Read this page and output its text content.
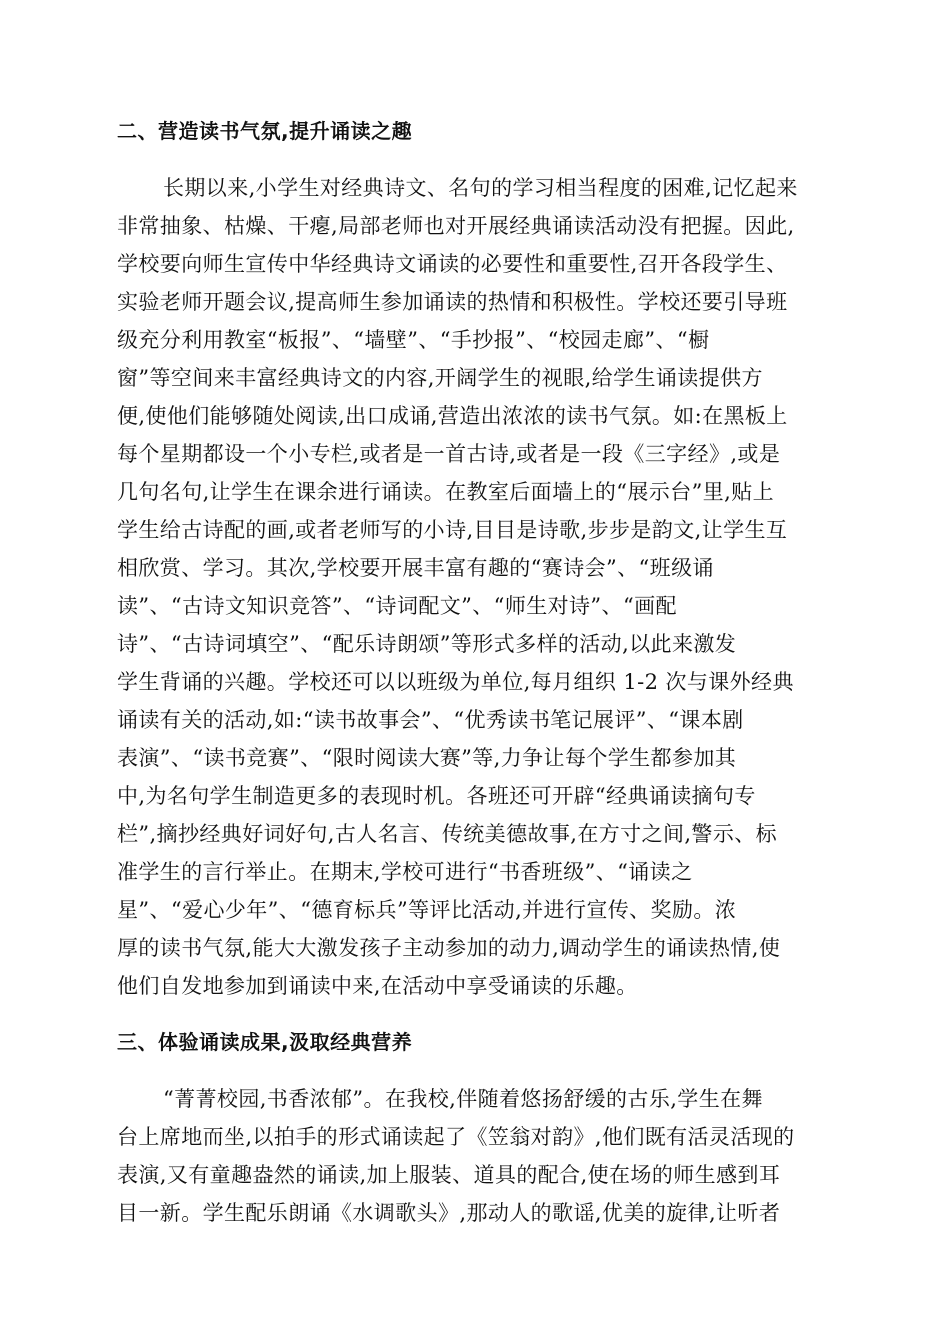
二、营造读书气氛,提升诵读之趣
长期以来,小学生对经典诗文、名句的学习相当程度的困难,记忆起来
非常抽象、枯燥、干瘪,局部老师也对开展经典诵读活动没有把握。因此,
学校要向师生宣传中华经典诗文诵读的必要性和重要性,召开各段学生、
实验老师开题会议,提高师生参加诵读的热情和积极性。学校还要引导班
级充分利用教室“板报”、“墙壁”、“手抄报”、“校园走廊”、“橱
窗”等空间来丰富经典诗文的内容,开阔学生的视眼,给学生诵读提供方
便,使他们能够随处阅读,出口成诵,营造出浓浓的读书气氛。如:在黑板上
每个星期都设一个小专栏,或者是一首古诗,或者是一段《三字经》,或是
几句名句,让学生在课余进行诵读。在教室后面墙上的“展示台”里,贴上
学生给古诗配的画,或者老师写的小诗,目目是诗歌,步步是韵文,让学生互
相欣赏、学习。其次,学校要开展丰富有趣的“赛诗会”、“班级诵
读”、“古诗文知识竞答”、“诗词配文”、“师生对诗”、“画配
诗”、“古诗词填空”、“配乐诗朗颂”等形式多样的活动,以此来激发
学生背诵的兴趣。学校还可以以班级为单位,每月组织 1-2 次与课外经典
诵读有关的活动,如:“读书故事会”、“优秀读书笔记展评”、“课本剧
表演”、“读书竞赛”、“限时阅读大赛”等,力争让每个学生都参加其
中,为名句学生制造更多的表现时机。各班还可开辟“经典诵读摘句专
栏”,摘抄经典好词好句,古人名言、传统美德故事,在方寸之间,警示、标
准学生的言行举止。在期末,学校可进行“书香班级”、“诵读之
星”、“爱心少年”、“德育标兵”等评比活动,并进行宣传、奖励。浓
厚的读书气氛,能大大激发孩子主动参加的动力,调动学生的诵读热情,使
他们自发地参加到诵读中来,在活动中享受诵读的乐趣。
三、体验诵读成果,汲取经典营养
“菁菁校园,书香浓郁”。在我校,伴随着悠扬舒缓的古乐,学生在舞
台上席地而坐,以拍手的形式诵读起了《笠翁对韵》,他们既有活灵活现的
表演,又有童趣盎然的诵读,加上服装、道具的配合,使在场的师生感到耳
目一新。学生配乐朗诵《水调歌头》,那动人的歌谣,优美的旋律,让听者
